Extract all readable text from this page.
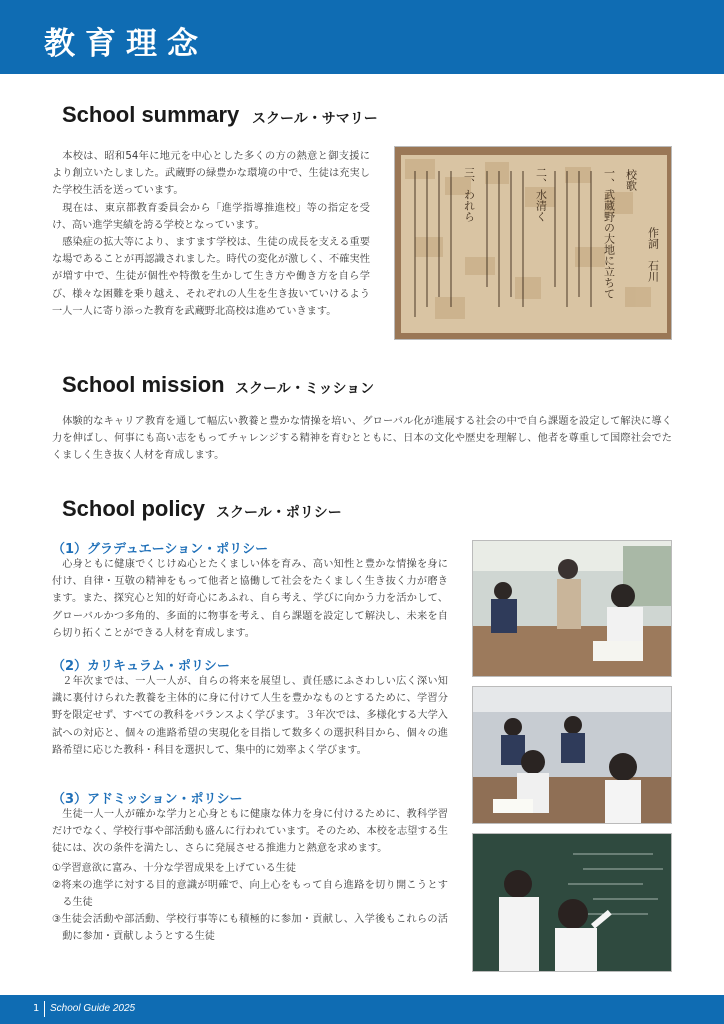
教育理念
School summary スクール・サマリー

本校は、昭和54年に地元を中心とした多くの方の熱意と御支援により創立いたしました。武蔵野の緑豊かな環境の中で、生徒は充実した学校生活を送っています。

現在は、東京都教育委員会から「進学指導推進校」等の指定を受け、高い進学実績を誇る学校となっています。

感染症の拡大等により、ますます学校は、生徒の成長を支える重要な場であることが再認識されました。時代の変化が激しく、不確実性が増す中で、生徒が個性や特徴を生かして生き方や働き方を自ら学び、様々な困難を乗り越え、それぞれの人生を生き抜いていけるよう一人一人に寄り添った教育を武蔵野北高校は進めていきます。

校歌
一、武蔵野の大地に立ちて
二、水清く
三、われら
作詞　石川
School mission スクール・ミッション

体験的なキャリア教育を通して幅広い教養と豊かな情操を培い、グローバル化が進展する社会の中で自ら課題を設定して解決に導く力を伸ばし、何事にも高い志をもってチャレンジする精神を育むとともに、日本の文化や歴史を理解し、他者を尊重して国際社会でたくましく生き抜く人材を育成します。

School policy スクール・ポリシー
（1）グラデュエーション・ポリシー

心身ともに健康でくじけぬ心とたくましい体を育み、高い知性と豊かな情操を身に付け、自律・互敬の精神をもって他者と協働して社会をたくましく生き抜く力が磨きます。また、探究心と知的好奇心にあふれ、自ら考え、学びに向かう力を活かして、グローバルかつ多角的、多面的に物事を考え、自ら課題を設定して解決し、未来を自ら切り拓くことができる人材を育成します。

（2）カリキュラム・ポリシー

２年次までは、一人一人が、自らの将来を展望し、責任感にふさわしい広く深い知識に裏付けられた教養を主体的に身に付けて人生を豊かなものとするために、学習分野を限定せず、すべての教科をバランスよく学びます。３年次では、多様化する大学入試への対応と、個々の進路希望の実現化を目指して数多くの選択科目から、個々の進路希望に応じた教科・科目を選択して、集中的に効率よく学びます。

（3）アドミッション・ポリシー

生徒一人一人が確かな学力と心身ともに健康な体力を身に付けるために、教科学習だけでなく、学校行事や部活動も盛んに行われています。そのため、本校を志望する生徒には、次の条件を満たし、さらに発展させる推進力と熱意を求めます。

①学習意欲に富み、十分な学習成果を上げている生徒
②将来の進学に対する目的意識が明確で、向上心をもって自ら進路を切り開こうとする生徒
③生徒会活動や部活動、学校行事等にも積極的に参加・貢献し、入学後もこれらの活動に参加・貢献しようとする生徒
1 School Guide 2025
